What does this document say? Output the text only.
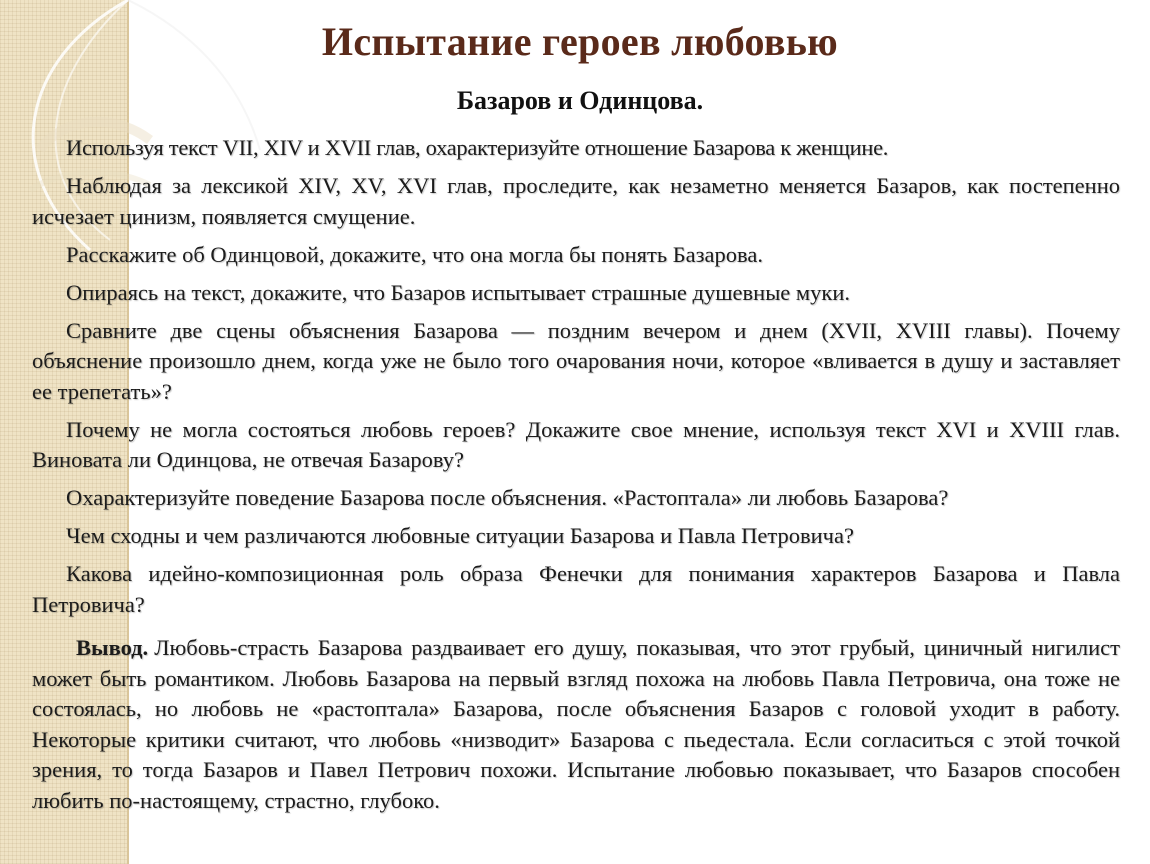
Испытание героев любовью
Базаров и Одинцова.

Используя текст VII, XIV и XVII глав, охарактеризуйте отношение Базарова к женщине.

Наблюдая за лексикой XIV, XV, XVI глав, проследите, как незаметно меняется Базаров, как постепенно исчезает цинизм, появляется смущение.

Расскажите об Одинцовой, докажите, что она могла бы понять Базарова.

Опираясь на текст, докажите, что Базаров испытывает страшные душевные муки.

Сравните две сцены объяснения Базарова — поздним вечером и днем (XVII, XVIII главы). Почему объяснение произошло днем, когда уже не было того очарования ночи, которое «вливается в душу и заставляет ее трепетать»?

Почему не могла состояться любовь героев? Докажите свое мнение, используя текст XVI и XVIII глав. Виновата ли Одинцова, не отвечая Базарову?

Охарактеризуйте поведение Базарова после объяснения. «Растоптала» ли любовь Базарова?

Чем сходны и чем различаются любовные ситуации Базарова и Павла Петровича?

Какова идейно-композиционная роль образа Фенечки для понимания характеров Базарова и Павла Петровича?

Вывод. Любовь-страсть Базарова раздваивает его душу, показывая, что этот грубый, циничный нигилист может быть романтиком. Любовь Базарова на первый взгляд похожа на любовь Павла Петровича, она тоже не состоялась, но любовь не «растоптала» Базарова, после объяснения Базаров с головой уходит в работу. Некоторые критики считают, что любовь «низводит» Базарова с пьедестала. Если согласиться с этой точкой зрения, то тогда Базаров и Павел Петрович похожи. Испытание любовью показывает, что Базаров способен любить по-настоящему, страстно, глубоко.
